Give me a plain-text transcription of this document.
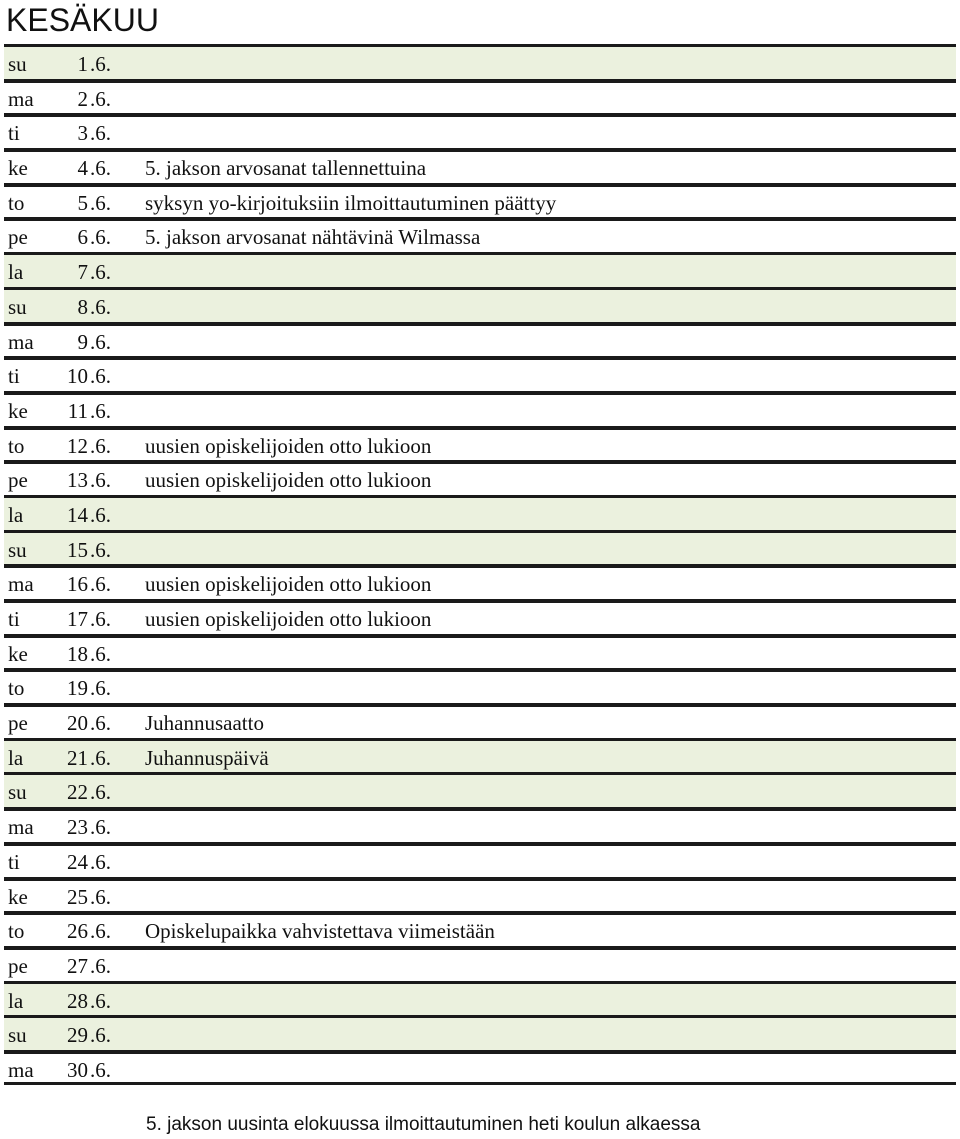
KESÄKUU
su	1 .6.
ma	2 .6.
ti	3 .6.
ke	4 .6. 5. jakson arvosanat tallennettuina
to	5 .6. syksyn yo-kirjoituksiin ilmoittautuminen päättyy
pe	6 .6. 5. jakson arvosanat nähtävinä Wilmassa
la	7 .6.
su	8 .6.
ma	9 .6.
ti	10 .6.
ke	11 .6.
to	12 .6. uusien opiskelijoiden otto lukioon
pe	13 .6. uusien opiskelijoiden otto lukioon
la	14 .6.
su	15 .6.
ma	16 .6. uusien opiskelijoiden otto lukioon
ti	17 .6. uusien opiskelijoiden otto lukioon
ke	18 .6.
to	19 .6.
pe	20 .6. Juhannusaatto
la	21 .6. Juhannuspäivä
su	22 .6.
ma	23 .6.
ti	24 .6.
ke	25 .6.
to	26 .6. Opiskelupaikka vahvistettava viimeistään
pe	27 .6.
la	28 .6.
su	29 .6.
ma	30 .6.
5. jakson uusinta elokuussa ilmoittautuminen heti koulun alkaessa
